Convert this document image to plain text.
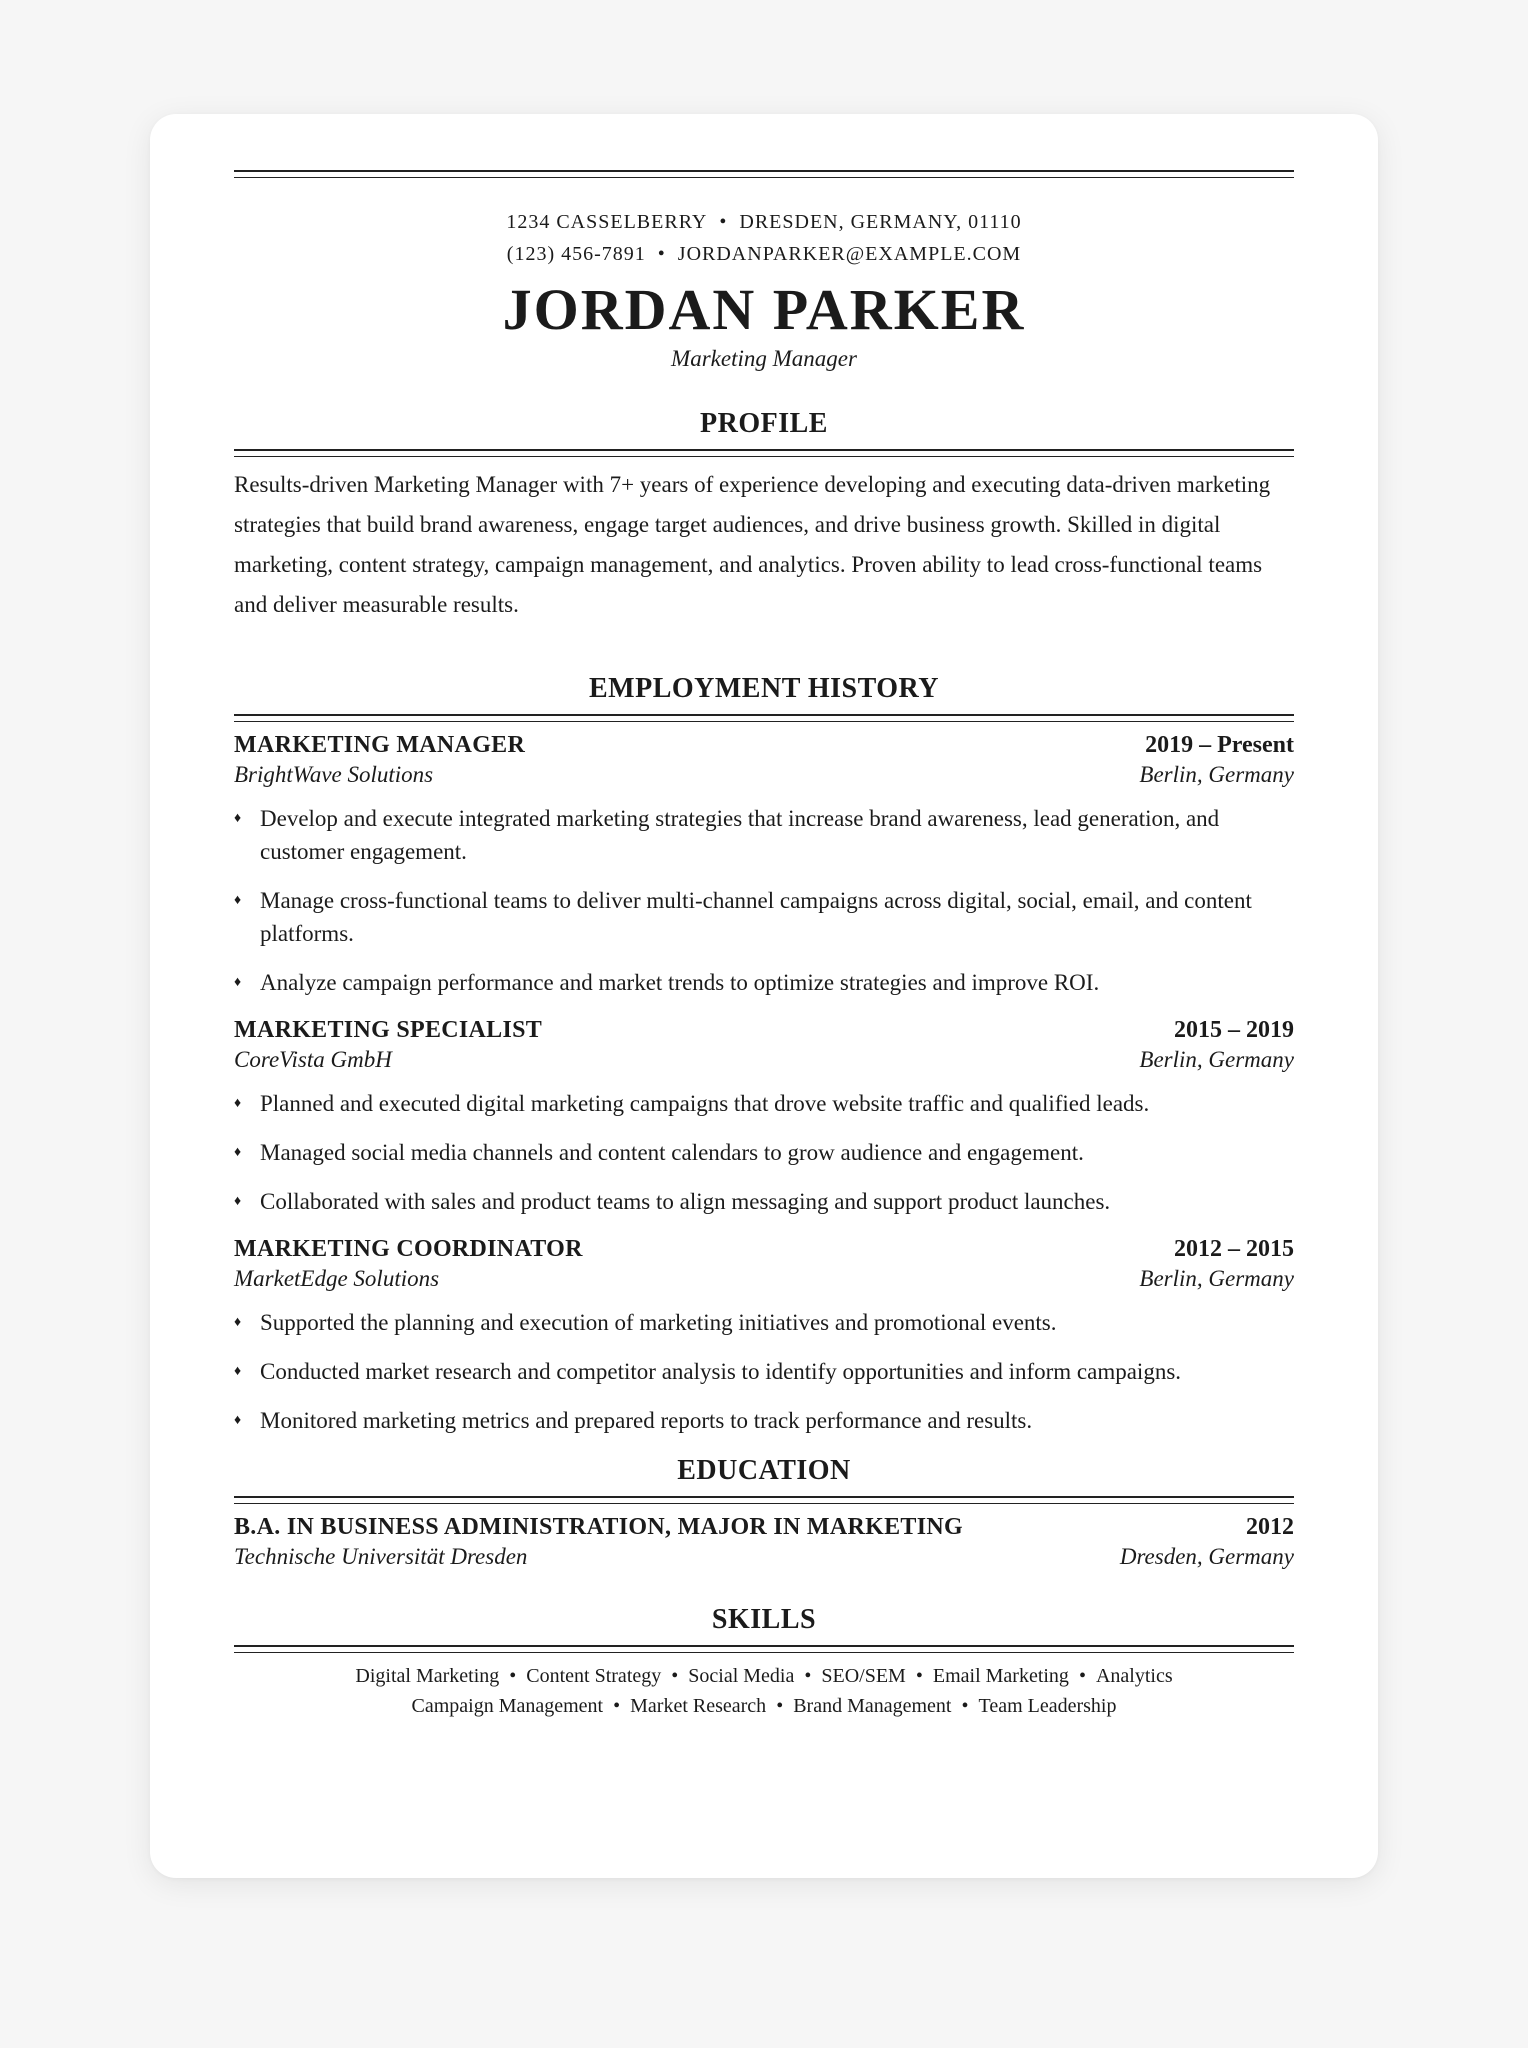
1234 CASSELBERRY • DRESDEN, GERMANY, 01110
(123) 456-7891 • JORDANPARKER@EXAMPLE.COM
JORDAN PARKER
Marketing Manager
PROFILE
Results-driven Marketing Manager with 7+ years of experience developing and executing data-driven marketing strategies that build brand awareness, engage target audiences, and drive business growth. Skilled in digital marketing, content strategy, campaign management, and analytics. Proven ability to lead cross-functional teams and deliver measurable results.
EMPLOYMENT HISTORY
MARKETING MANAGER	2019 – Present
BrightWave Solutions	Berlin, Germany
♦ Develop and execute integrated marketing strategies that increase brand awareness, lead generation, and customer engagement.
♦ Manage cross-functional teams to deliver multi-channel campaigns across digital, social, email, and content platforms.
♦ Analyze campaign performance and market trends to optimize strategies and improve ROI.
MARKETING SPECIALIST	2015 – 2019
CoreVista GmbH	Berlin, Germany
♦ Planned and executed digital marketing campaigns that drove website traffic and qualified leads.
♦ Managed social media channels and content calendars to grow audience and engagement.
♦ Collaborated with sales and product teams to align messaging and support product launches.
MARKETING COORDINATOR	2012 – 2015
MarketEdge Solutions	Berlin, Germany
♦ Supported the planning and execution of marketing initiatives and promotional events.
♦ Conducted market research and competitor analysis to identify opportunities and inform campaigns.
♦ Monitored marketing metrics and prepared reports to track performance and results.
EDUCATION
B.A. IN BUSINESS ADMINISTRATION, MAJOR IN MARKETING	2012
Technische Universität Dresden	Dresden, Germany
SKILLS
Digital Marketing • Content Strategy • Social Media • SEO/SEM • Email Marketing • Analytics
Campaign Management • Market Research • Brand Management • Team Leadership
